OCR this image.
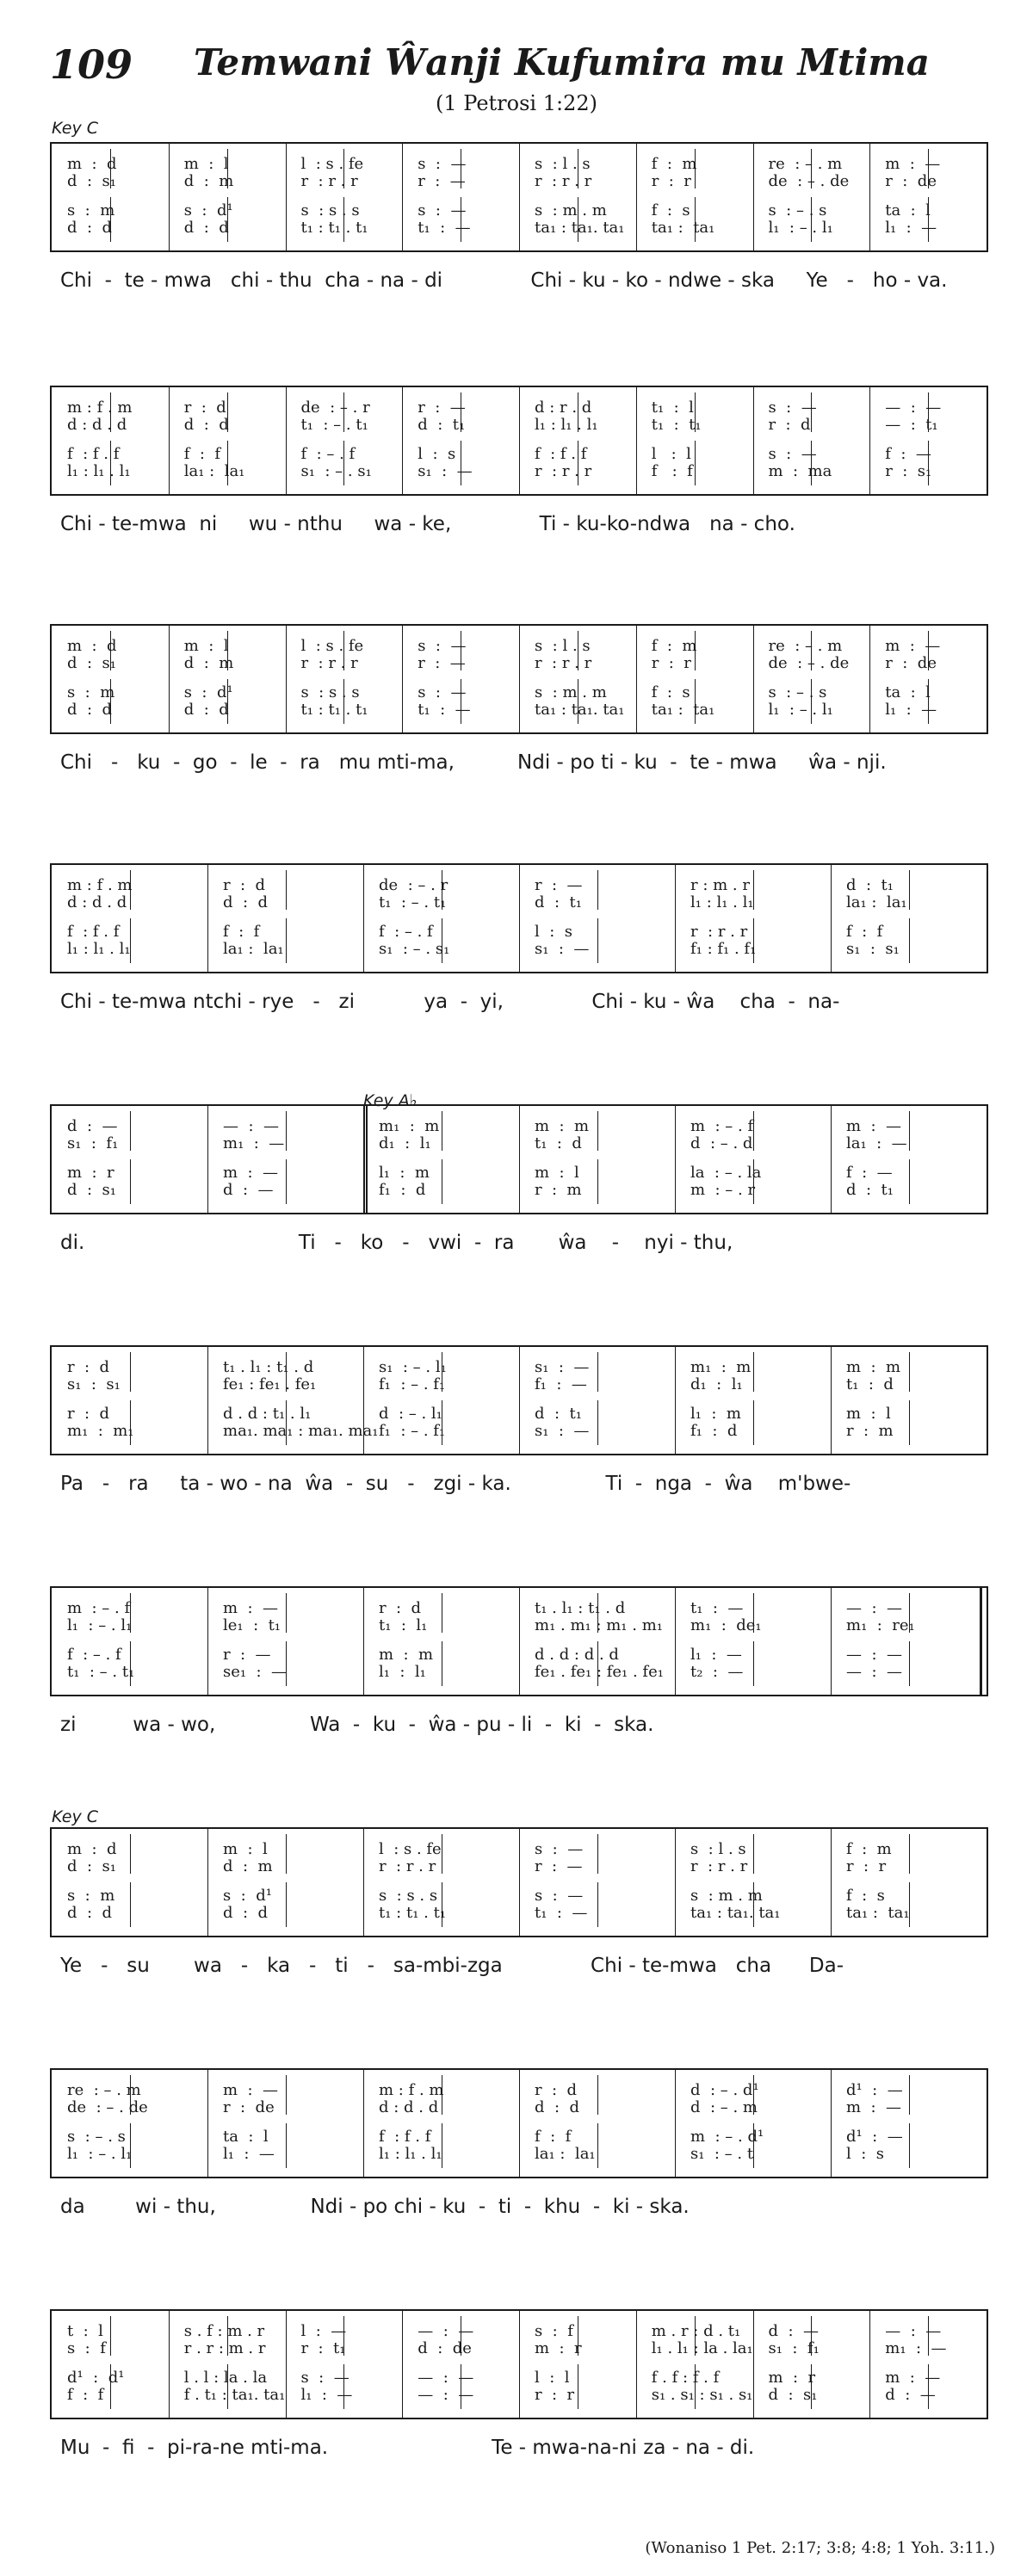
109 Temwani Ŵanji Kufumira mu Mtima
(1 Petrosi 1:22)
Key C
Key A♭
Key C
m  :  d
d  :  s₁
s  :  m
d  :  d
m  :  l
d  :  m
s  :  d¹
d  :  d
l  : s . fe
r  : r . r
s  : s . s
t₁ : t₁ . t₁
s  :  —
r  :  —
s  :  —
t₁  :  —
s  : l . s
r  : r . r
s  : m . m
ta₁ : ta₁. ta₁
f  :  m
r  :  r
f  :  s
ta₁ :  ta₁
re  : – . m
de  : – . de
s  : – . s
l₁  : – . l₁
m  :  —
r  :  de
ta  :  l
l₁  :  —
Chi  -  te - mwa   chi - thu  cha - na - di              Chi - ku - ko - ndwe - ska     Ye   -   ho - va.
m : f . m
d : d . d
f  : f . f
l₁ : l₁ . l₁
r  :  d
d  :  d
f  :  f
la₁ :  la₁
de  : – . r
t₁  : – . t₁
f  : – . f
s₁  : – . s₁
r  :  —
d  :  t₁
l  :  s
s₁  :  —
d : r . d
l₁ : l₁ . l₁
f  : f . f
r  : r . r
t₁  :  l
t₁  :  t₁
l   :  l
f   :  f
s  :  —
r  :  d
s  :  —
m  :  ma
—  :  —
—  :  t₁
f  :  —
r  :  s₁
Chi - te-mwa  ni     wu - nthu     wa - ke,              Ti - ku-ko-ndwa   na - cho.
m  :  d
d  :  s₁
s  :  m
d  :  d
m  :  l
d  :  m
s  :  d¹
d  :  d
l  : s . fe
r  : r . r
s  : s . s
t₁ : t₁ . t₁
s  :  —
r  :  —
s  :  —
t₁  :  —
s  : l . s
r  : r . r
s  : m . m
ta₁ : ta₁. ta₁
f  :  m
r  :  r
f  :  s
ta₁ :  ta₁
re  : – . m
de  : – . de
s  : – . s
l₁  : – . l₁
m  :  —
r  :  de
ta  :  l
l₁  :  —
Chi   -   ku  -  go  -  le  -  ra   mu mti-ma,          Ndi - po ti - ku  -  te - mwa     ŵa - nji.
m : f . m
d : d . d
f  : f . f
l₁ : l₁ . l₁
r  :  d
d  :  d
f  :  f
la₁ :  la₁
de  : – . r
t₁  : – . t₁
f  : – . f
s₁  : – . s₁
r  :  —
d  :  t₁
l  :  s
s₁  :  —
r : m . r
l₁ : l₁ . l₁
r  : r . r
f₁ : f₁ . f₁
d  :  t₁
la₁ :  la₁
f  :  f
s₁  :  s₁
Chi - te-mwa ntchi - rye   -   zi           ya  -  yi,              Chi - ku - ŵa    cha  -  na-
d  :  —
s₁  :  f₁
m  :  r
d  :  s₁
—  :  —
m₁  :  —
m  :  —
d  :  —
m₁  :  m
d₁  :  l₁
l₁  :  m
f₁  :  d
m  :  m
t₁  :  d
m  :  l
r  :  m
m  : – . f
d  : – . d
la  : – . la
m  : – . r
m  :  —
la₁  :  —
f  :  —
d  :  t₁
di.                                  Ti   -   ko   -   vwi  -  ra       ŵa    -    nyi - thu,
r  :  d
s₁  :  s₁
r  :  d
m₁  :  m₁
t₁ . l₁ : t₁ . d
fe₁ : fe₁ . fe₁
d . d : t₁ . l₁
ma₁. ma₁ : ma₁. ma₁
s₁  : – . l₁
f₁  : – . f₁
d  : – . l₁
f₁  : – . f₁
s₁  :  —
f₁  :  —
d  :  t₁
s₁  :  —
m₁  :  m
d₁  :  l₁
l₁  :  m
f₁  :  d
m  :  m
t₁  :  d
m  :  l
r  :  m
Pa   -   ra     ta - wo - na  ŵa  -  su   -   zgi - ka.               Ti  -  nga  -  ŵa    m'bwe-
m  : – . f
l₁  : – . l₁
f  : – . f
t₁  : – . t₁
m  :  —
le₁  :  t₁
r  :  —
se₁  :  —
r  :  d
t₁  :  l₁
m  :  m
l₁  :  l₁
t₁ . l₁ : t₁ . d
m₁ . m₁ : m₁ . m₁
d . d : d . d
fe₁ . fe₁ : fe₁ . fe₁
t₁  :  —
m₁  :  de₁
l₁  :  —
t₂  :  —
—  :  —
m₁  :  re₁
—  :  —
—  :  —
zi         wa - wo,               Wa  -  ku  -  ŵa - pu - li  -  ki  -  ska.
m  :  d
d  :  s₁
s  :  m
d  :  d
m  :  l
d  :  m
s  :  d¹
d  :  d
l  : s . fe
r  : r . r
s  : s . s
t₁ : t₁ . t₁
s  :  —
r  :  —
s  :  —
t₁  :  —
s  : l . s
r  : r . r
s  : m . m
ta₁ : ta₁. ta₁
f  :  m
r  :  r
f  :  s
ta₁ :  ta₁
Ye   -   su       wa   -   ka   -   ti   -   sa-mbi-zga              Chi - te-mwa   cha      Da-
re  : – . m
de  : – . de
s  : – . s
l₁  : – . l₁
m  :  —
r  :  de
ta  :  l
l₁  :  —
m : f . m
d : d . d
f  : f . f
l₁ : l₁ . l₁
r  :  d
d  :  d
f  :  f
la₁ :  la₁
d  : – . d¹
d  : – . m
m  : – . d¹
s₁  : – . t
d¹  :  —
m  :  —
d¹  :  —
l  :  s
da        wi - thu,               Ndi - po chi - ku  -  ti  -  khu  -  ki - ska.
t  :  l
s  :  f
d¹  :  d¹
f  :  f
s . f : m . r
r . r : m . r
l . l : la . la
f . t₁ : ta₁. ta₁
l  :  —
r  :  t₁
s  :  —
l₁  :  —
—  :  —
d  :  de
—  :  —
—  :  —
s  :  f
m  :  r
l  :  l
r  :  r
m . r : d . t₁
l₁ . l₁ : la . la₁
f . f : f . f
s₁ . s₁ : s₁ . s₁
d  :  —
s₁  :  f₁
m  :  r
d  :  s₁
—  :  —
m₁  :  —
m  :  —
d  :  —
Mu  -  fi  -  pi-ra-ne mti-ma.                          Te - mwa-na-ni za - na - di.
(Wonaniso 1 Pet. 2:17; 3:8; 4:8; 1 Yoh. 3:11.)
